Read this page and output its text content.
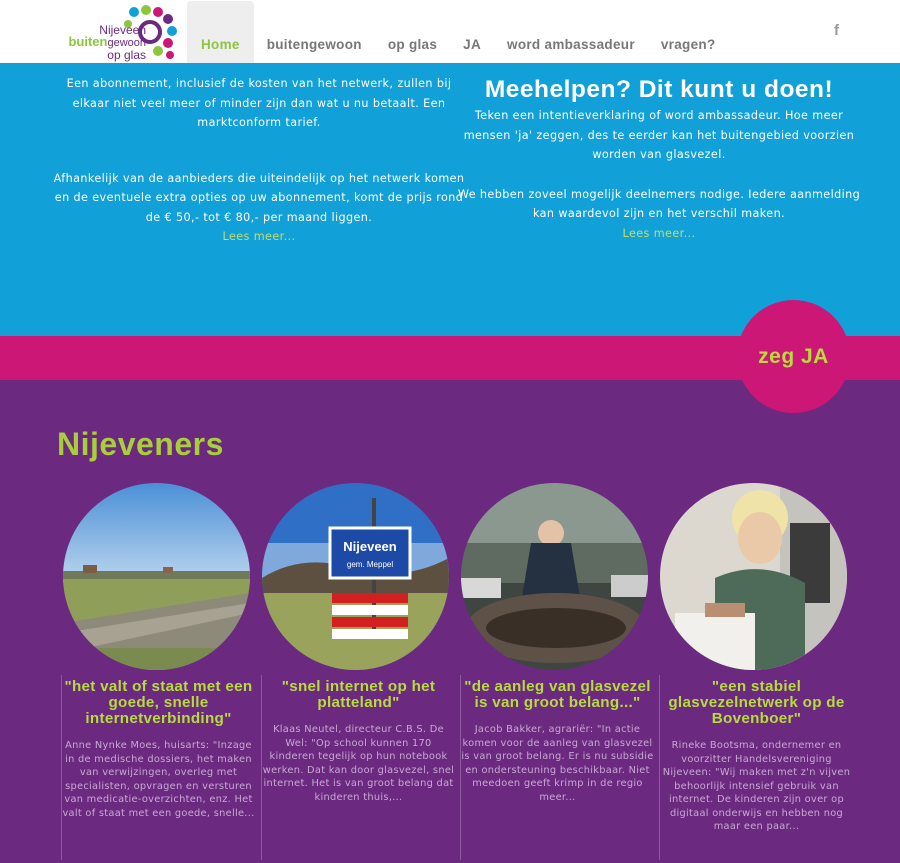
Nijeveen
buitengewoon
op glas
Home	buitengewoon	op glas	JA	word ambassadeur	vragen?
f

Een abonnement, inclusief de kosten van het netwerk, zullen bij elkaar niet veel meer of minder zijn dan wat u nu betaalt. Een marktconform tarief.

Afhankelijk van de aanbieders die uiteindelijk op het netwerk komen en de eventuele extra opties op uw abonnement, komt de prijs rond de € 50,- tot € 80,- per maand liggen.

Lees meer...

Meehelpen? Dit kunt u doen!

Teken een intentieverklaring of word ambassadeur. Hoe meer mensen 'ja' zeggen, des te eerder kan het buitengebied voorzien worden van glasvezel.

We hebben zoveel mogelijk deelnemers nodige. Iedere aanmelding kan waardevol zijn en het verschil maken.

Lees meer...

zeg JA
Nijeveners

"het valt of staat met een goede, snelle internetverbinding"

Anne Nynke Moes, huisarts: "Inzage in de medische dossiers, het maken van verwijzingen, overleg met specialisten, opvragen en versturen van medicatie-overzichten, enz. Het valt of staat met een goede, snelle...

Nijeveen
gem. Meppel

"snel internet op het platteland"

Klaas Neutel, directeur C.B.S. De Wel: "Op school kunnen 170 kinderen tegelijk op hun notebook werken. Dat kan door glasvezel, snel internet. Het is van groot belang dat kinderen thuis,...

"de aanleg van glasvezel is van groot belang..."

Jacob Bakker, agrariër: "In actie komen voor de aanleg van glasvezel is van groot belang. Er is nu subsidie en ondersteuning beschikbaar. Niet meedoen geeft krimp in de regio meer...

"een stabiel glasvezelnetwerk op de Bovenboer"

Rineke Bootsma, ondernemer en voorzitter Handelsvereniging Nijeveen: "Wij maken met z'n vijven behoorlijk intensief gebruik van internet. De kinderen zijn over op digitaal onderwijs en hebben nog maar een paar...
